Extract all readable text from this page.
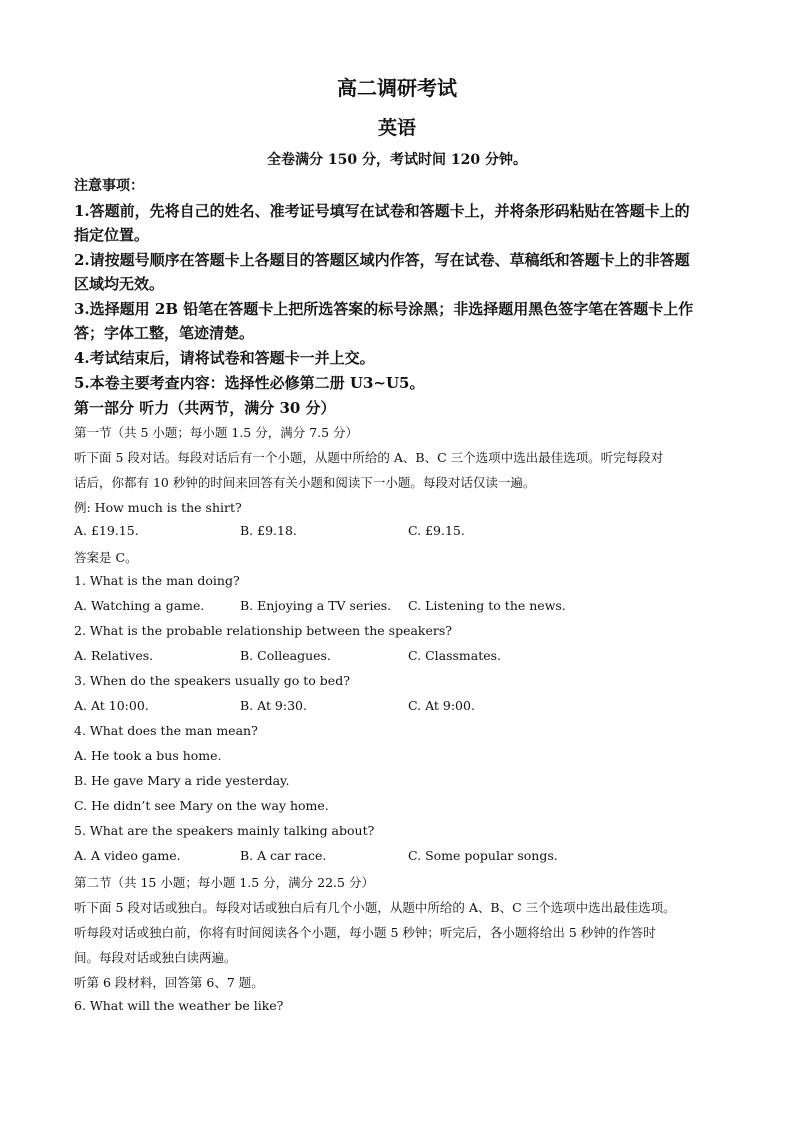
高二调研考试
英语
全卷满分 150 分，考试时间 120 分钟。
注意事项：
1.答题前，先将自己的姓名、准考证号填写在试卷和答题卡上，并将条形码粘贴在答题卡上的
指定位置。
2.请按题号顺序在答题卡上各题目的答题区域内作答，写在试卷、草稿纸和答题卡上的非答题
区域均无效。
3.选择题用 2B 铅笔在答题卡上把所选答案的标号涂黑；非选择题用黑色签字笔在答题卡上作
答；字体工整，笔迹清楚。
4.考试结束后，请将试卷和答题卡一并上交。
5.本卷主要考查内容：选择性必修第二册 U3~U5。
第一部分 听力（共两节，满分 30 分）
第一节（共 5 小题；每小题 1.5 分，满分 7.5 分）
听下面 5 段对话。每段对话后有一个小题，从题中所给的 A、B、C 三个选项中选出最佳选项。听完每段对
话后，你都有 10 秒钟的时间来回答有关小题和阅读下一小题。每段对话仅读一遍。
例: How much is the shirt?
A. £19.15.	B. £9.18.	C. £9.15.
答案是 C。
1. What is the man doing?
A. Watching a game.	B. Enjoying a TV series. C. Listening to the news.
2. What is the probable relationship between the speakers?
A. Relatives.	B. Colleagues.	C. Classmates.
3. When do the speakers usually go to bed?
A. At 10:00.	B. At 9:30.	C. At 9:00.
4. What does the man mean?
A. He took a bus home.
B. He gave Mary a ride yesterday.
C. He didn’t see Mary on the way home.
5. What are the speakers mainly talking about?
A. A video game.	B. A car race.	C. Some popular songs.
第二节（共 15 小题；每小题 1.5 分，满分 22.5 分）
听下面 5 段对话或独白。每段对话或独白后有几个小题，从题中所给的 A、B、C 三个选项中选出最佳选项。
听每段对话或独白前，你将有时间阅读各个小题，每小题 5 秒钟；听完后，各小题将给出 5 秒钟的作答时
间。每段对话或独白读两遍。
听第 6 段材料，回答第 6、7 题。
6. What will the weather be like?
